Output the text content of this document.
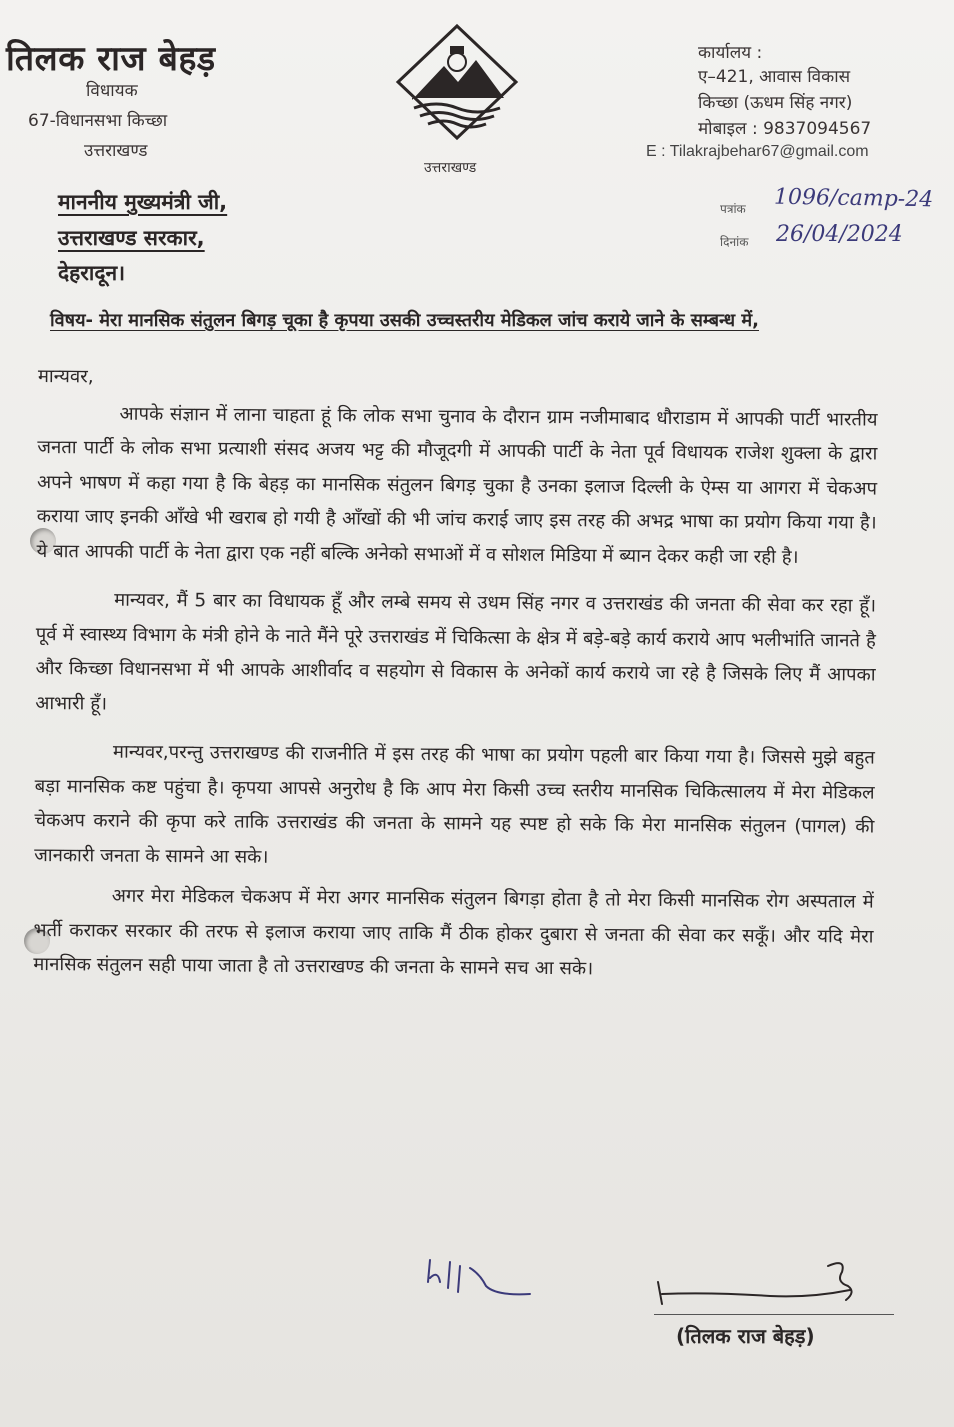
तिलक राज बेहड़
विधायक
67-विधानसभा किच्छा
उत्तराखण्ड
उत्तराखण्ड
कार्यालय :
ए–421, आवास विकास
किच्छा (ऊधम सिंह नगर)
मोबाइल : 9837094567
E : Tilakrajbehar67@gmail.com
माननीय मुख्यमंत्री जी,
उत्तराखण्ड सरकार,
देहरादून।
पत्रांक 1096/camp-24
दिनांक 26/04/2024
विषय- मेरा मानसिक संतुलन बिगड़ चूका है कृपया उसकी उच्चस्तरीय मेडिकल जांच कराये जाने के सम्बन्ध में,

मान्यवर,

आपके संज्ञान में लाना चाहता हूं कि लोक सभा चुनाव के दौरान ग्राम नजीमाबाद धौराडाम में आपकी पार्टी भारतीय जनता पार्टी के लोक सभा प्रत्याशी संसद अजय भट्ट की मौजूदगी में आपकी पार्टी के नेता पूर्व विधायक राजेश शुक्ला के द्वारा अपने भाषण में कहा गया है कि बेहड़ का मानसिक संतुलन बिगड़ चुका है उनका इलाज दिल्ली के ऐम्स या आगरा में चेकअप कराया जाए इनकी आँखे भी खराब हो गयी है आँखों की भी जांच कराई जाए इस तरह की अभद्र भाषा का प्रयोग किया गया है। ये बात आपकी पार्टी के नेता द्वारा एक नहीं बल्कि अनेको सभाओं में व सोशल मिडिया में ब्यान देकर कही जा रही है।

मान्यवर, मैं 5 बार का विधायक हूँ और लम्बे समय से उधम सिंह नगर व उत्तराखंड की जनता की सेवा कर रहा हूँ। पूर्व में स्वास्थ्य विभाग के मंत्री होने के नाते मैंने पूरे उत्तराखंड में चिकित्सा के क्षेत्र में बड़े-बड़े कार्य कराये आप भलीभांति जानते है और किच्छा विधानसभा में भी आपके आशीर्वाद व सहयोग से विकास के अनेकों कार्य कराये जा रहे है जिसके लिए मैं आपका आभारी हूँ।

मान्यवर,परन्तु उत्तराखण्ड की राजनीति में इस तरह की भाषा का प्रयोग पहली बार किया गया है। जिससे मुझे बहुत बड़ा मानसिक कष्ट पहुंचा है। कृपया आपसे अनुरोध है कि आप मेरा किसी उच्च स्तरीय मानसिक चिकित्सालय में मेरा मेडिकल चेकअप कराने की कृपा करे ताकि उत्तराखंड की जनता के सामने यह स्पष्ट हो सके कि मेरा मानसिक संतुलन (पागल) की जानकारी जनता के सामने आ सके।

अगर मेरा मेडिकल चेकअप में मेरा अगर मानसिक संतुलन बिगड़ा होता है तो मेरा किसी मानसिक रोग अस्पताल में भर्ती कराकर सरकार की तरफ से इलाज कराया जाए ताकि मैं ठीक होकर दुबारा से जनता की सेवा कर सकूँ। और यदि मेरा मानसिक संतुलन सही पाया जाता है तो उत्तराखण्ड की जनता के सामने सच आ सके।

(तिलक राज बेहड़)
